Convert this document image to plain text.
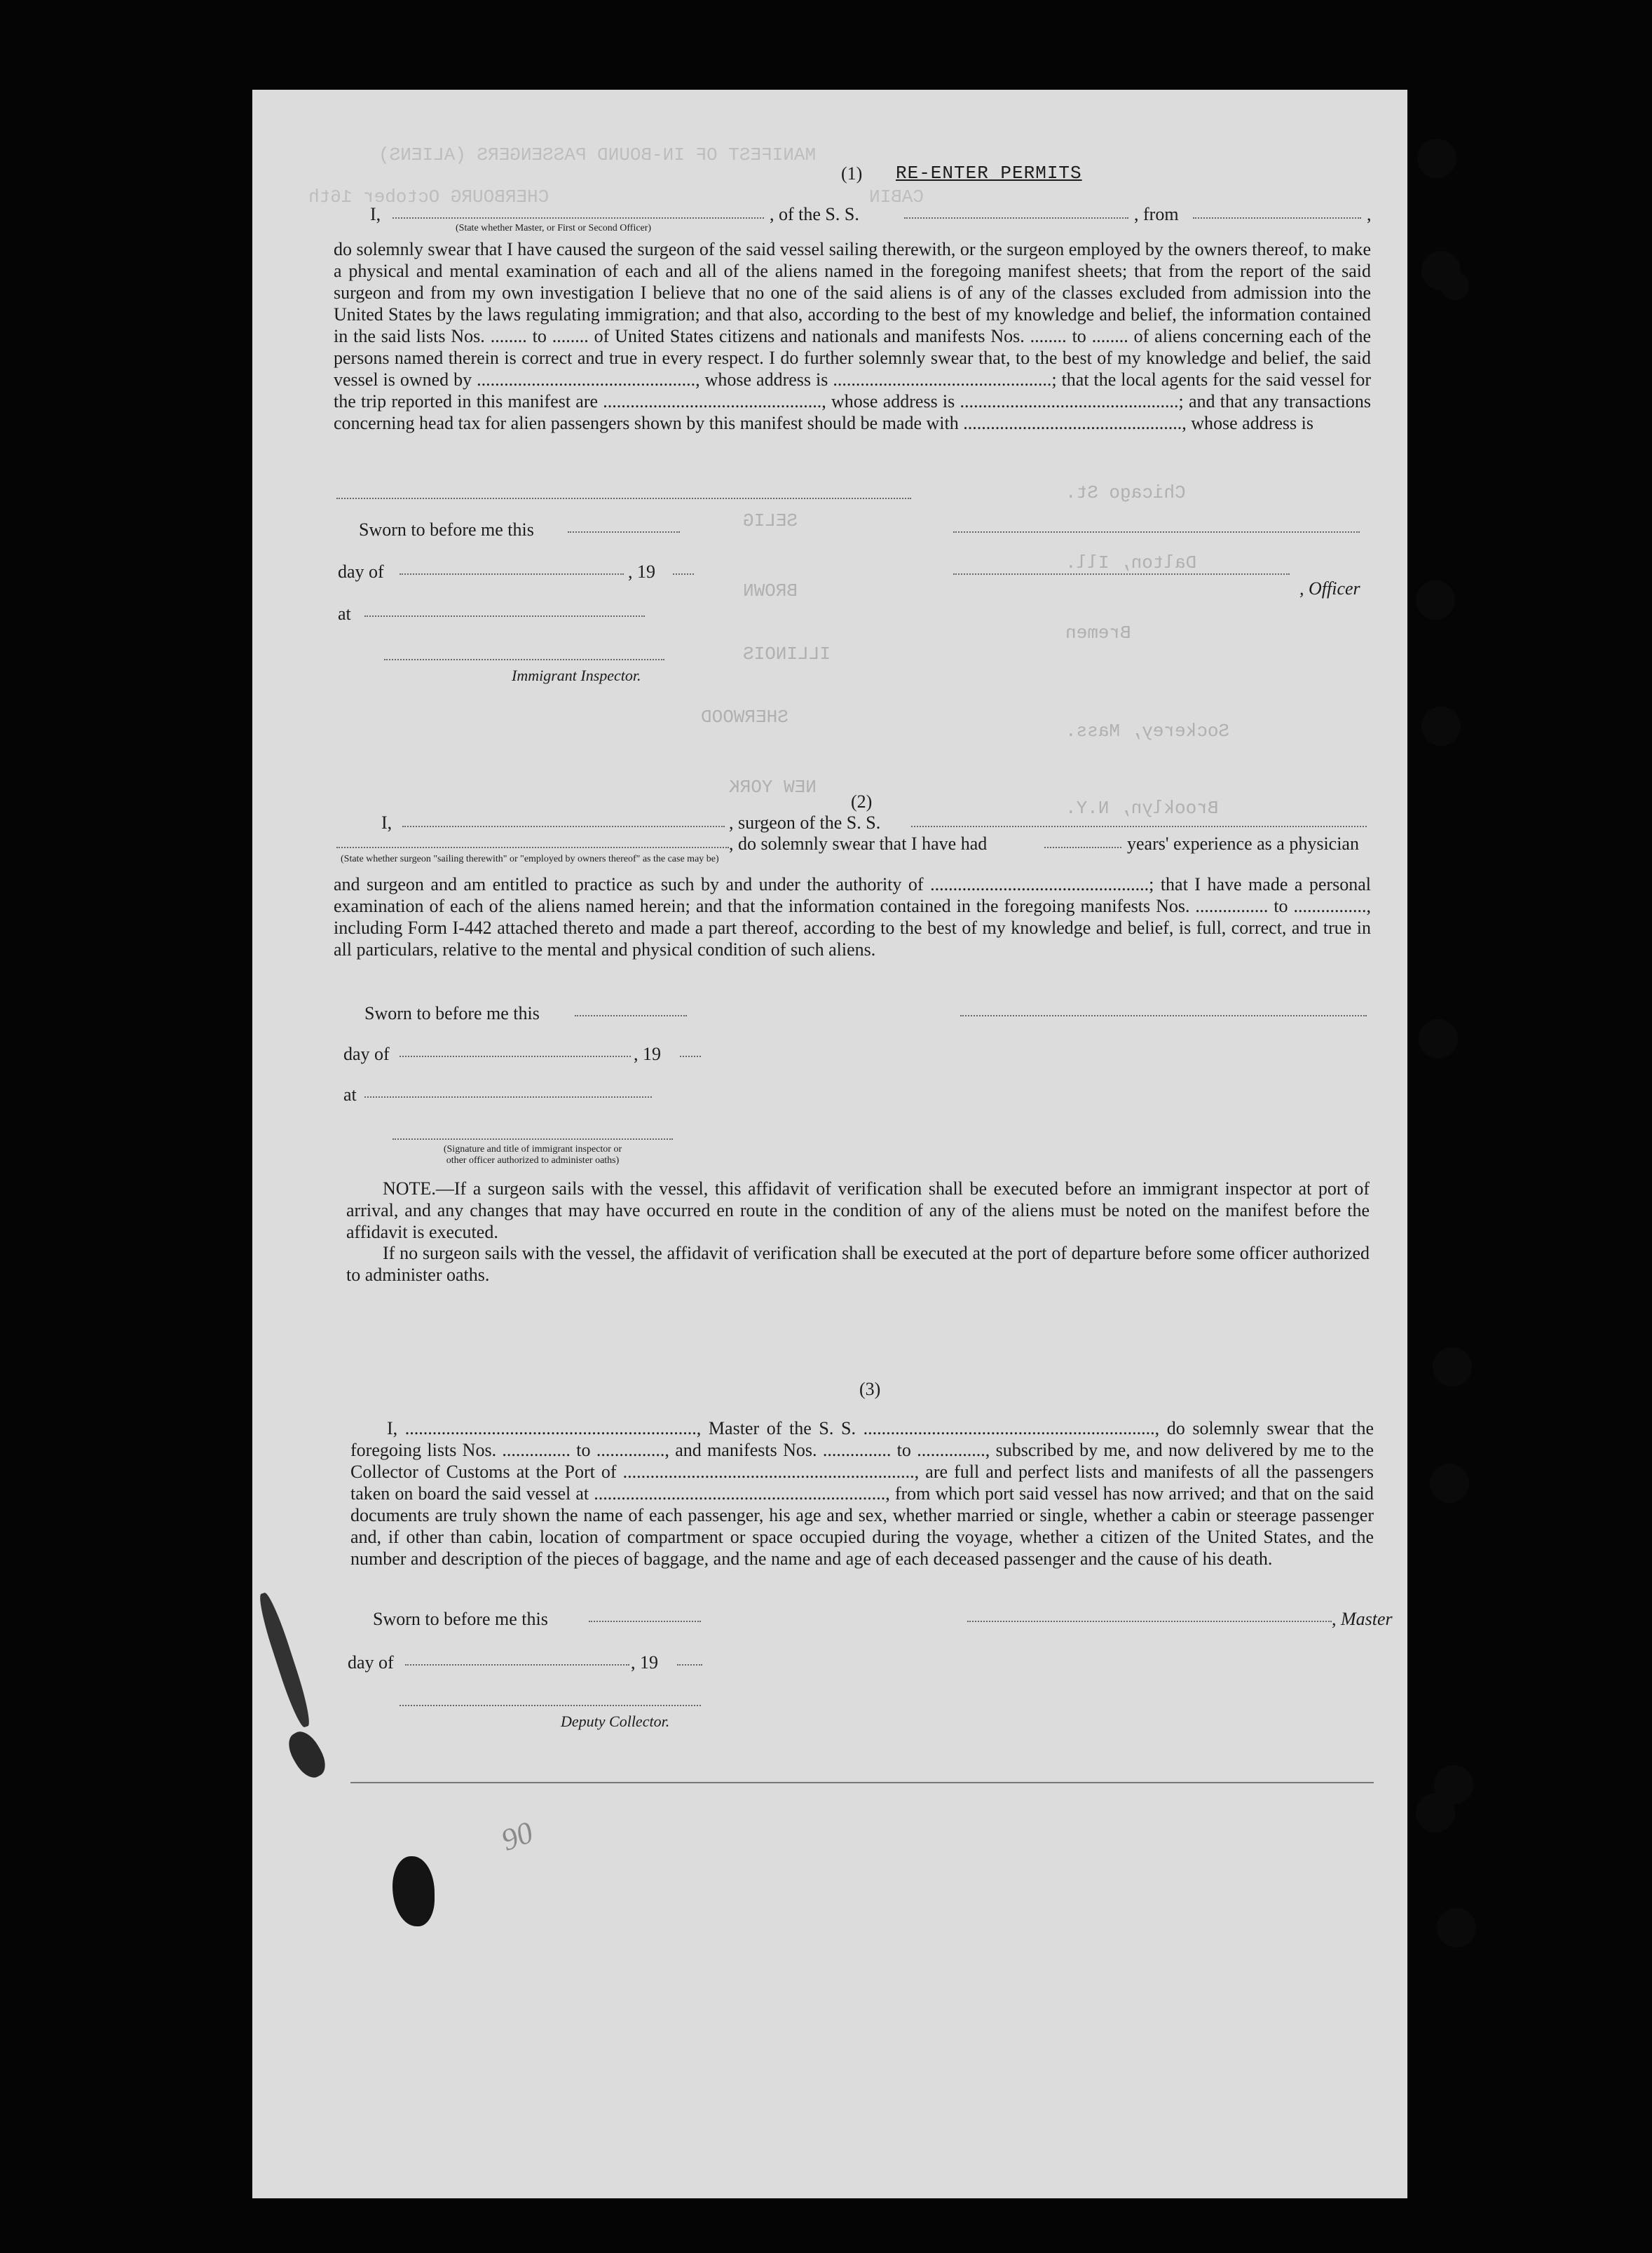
MANIFEST OF IN-BOUND PASSENGERS (ALIENS)
CHERBOURG October 16th	CABIN
SELIG
Chicago St.
BROWN
Dalton, Ill.
ILLINOIS
Bremen
SHERWOOD
Sockerey, Mass.
NEW YORK
Brooklyn, N.Y.
(1) RE-ENTER PERMITS
I,	, of the S. S.	, from	,
(State whether Master, or First or Second Officer)

do solemnly swear that I have caused the surgeon of the said vessel sailing therewith, or the surgeon employed by the owners thereof, to make a physical and mental examination of each and all of the aliens named in the foregoing manifest sheets; that from the report of the said surgeon and from my own investigation I believe that no one of the said aliens is of any of the classes excluded from admission into the United States by the laws regulating immigration; and that also, according to the best of my knowledge and belief, the information contained in the said lists Nos. ........ to ........ of United States citizens and nationals and manifests Nos. ........ to ........ of aliens concerning each of the persons named therein is correct and true in every respect. I do further solemnly swear that, to the best of my knowledge and belief, the said vessel is owned by ................................................, whose address is ................................................; that the local agents for the said vessel for the trip reported in this manifest are ................................................, whose address is ................................................; and that any transactions concerning head tax for alien passengers shown by this manifest should be made with ................................................, whose address is

Sworn to before me this
day of	, 19
, Officer
at
Immigrant Inspector.
(2)
I,	, surgeon of the S. S.
, do solemnly swear that I have had	years' experience as a physician
(State whether surgeon "sailing therewith" or "employed by owners thereof" as the case may be)

and surgeon and am entitled to practice as such by and under the authority of ................................................; that I have made a personal examination of each of the aliens named herein; and that the information contained in the foregoing manifests Nos. ................ to ................, including Form I-442 attached thereto and made a part thereof, according to the best of my knowledge and belief, is full, correct, and true in all particulars, relative to the mental and physical condition of such aliens.

Sworn to before me this
day of	, 19
at
(Signature and title of immigrant inspector or
other officer authorized to administer oaths)
NOTE.—If a surgeon sails with the vessel, this affidavit of verification shall be executed before an immigrant inspector at port of arrival, and any changes that may have occurred en route in the condition of any of the aliens must be noted on the manifest before the affidavit is executed.
If no surgeon sails with the vessel, the affidavit of verification shall be executed at the port of departure before some officer authorized to administer oaths.
(3)

I, ................................................................, Master of the S. S. ................................................................, do solemnly swear that the foregoing lists Nos. ............... to ..............., and manifests Nos. ............... to ..............., subscribed by me, and now delivered by me to the Collector of Customs at the Port of ................................................................, are full and perfect lists and manifests of all the passengers taken on board the said vessel at ................................................................, from which port said vessel has now arrived; and that on the said documents are truly shown the name of each passenger, his age and sex, whether married or single, whether a cabin or steerage passenger and, if other than cabin, location of compartment or space occupied during the voyage, whether a citizen of the United States, and the number and description of the pieces of baggage, and the name and age of each deceased passenger and the cause of his death.

Sworn to before me this	, Master
day of	, 19
Deputy Collector.
90
